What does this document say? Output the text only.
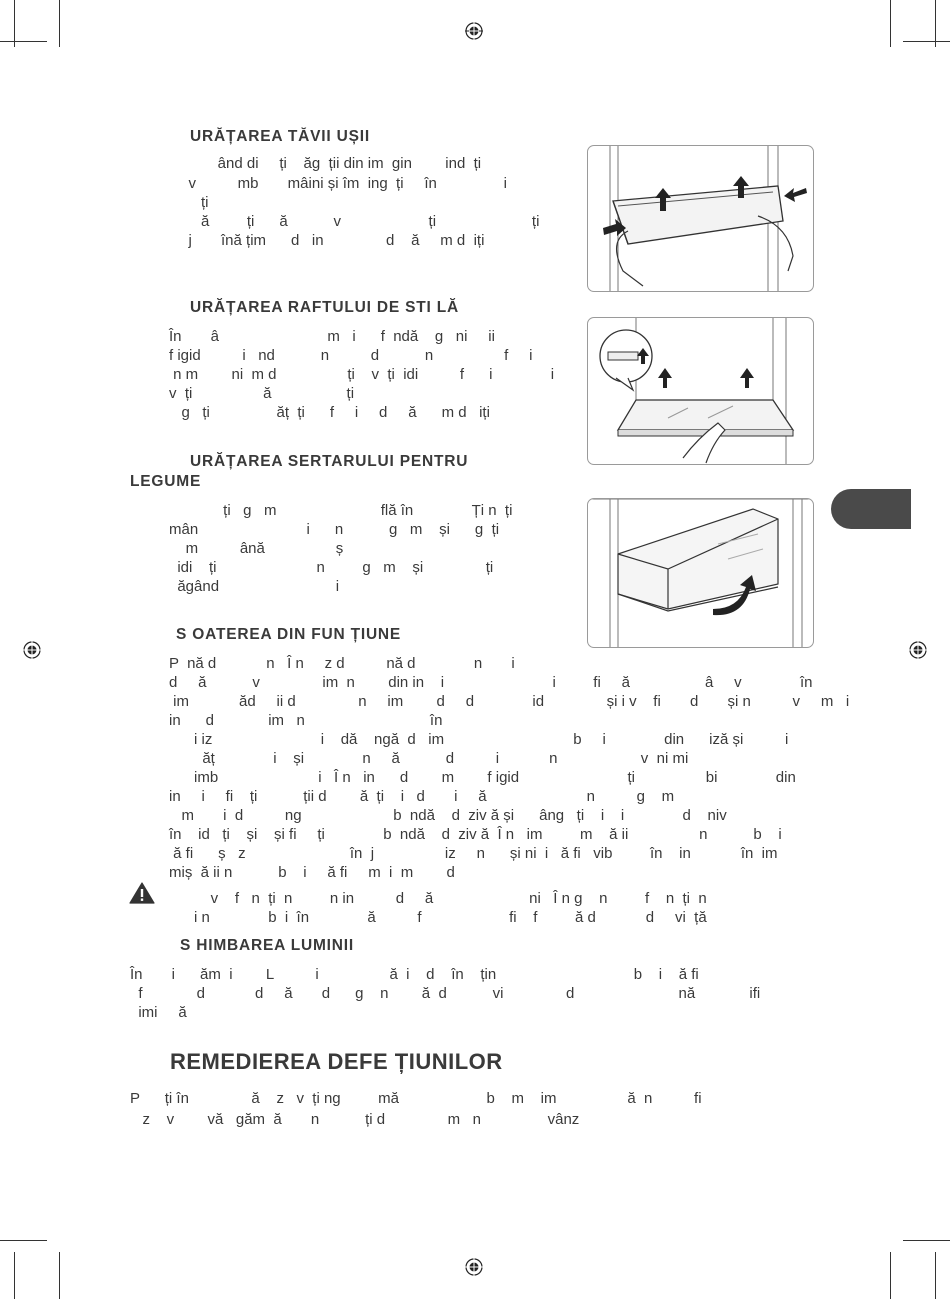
URĂȚAREA TĂVII UȘII
ând di     ți    ăg  ții din im  gin        ind  ți
v          mb       mâini și îm  ing  ți     în                i
ți
ă         ți      ă           v                     ți                       ți
j       înă țim      d   in               d    ă     m d  iți
URĂȚAREA RAFTULUI DE STI LĂ
În       â                          m   i      f  ndă    g   ni     ii
f igid          i   nd           n          d           n                 f     i
n m        ni  m d                 ți    v  ți  idi          f      i              i
v  ți                 ă                  ți
g   ți                ăț  ți      f     i     d     ă      m d   iți
URĂȚAREA SERTARULUI PENTRU
LEGUME
ți   g   m                         flă în              Ți n  ți
mân                          i      n           g   m    și      g  ți
m          ână                 ș
idi    ți                        n         g   m    și               ți
ăgând                            i
S OATEREA DIN FUN ȚIUNE
P  nă d            n   Î n     z d          nă d              n       i
d     ă           v               im  n        din in    i                          i         fi     ă                  â     v              în
im            ăd     ii d               n     im        d     d              id               și i v    fi       d       și n          v     m   i
in      d             im   n                              în
i iz                          i    dă    ngă  d   im                               b     i              din      iză și          i
ăț              i    și              n     ă           d          i            n                    v  ni mi
imb                        i   Î n   in      d        m        f igid                          ți                 bi              din
in     i     fi    ți           ții d        ă  ți    i   d       i     ă                        n          g    m
m       i  d          ng                      b  ndă    d  ziv ă și      âng   ți    i    i              d    niv
în    id   ți    și    și fi     ți              b  ndă    d  ziv ă  Î n   im         m    ă ii                 n           b    i
ă fi      ș   z                         în  j                 iz     n      și ni  i   ă fi   vib         în    in            în  im
miș  ă ii n           b    i     ă fi     m  i  m        d
v    f   n  ți  n         n in          d     ă                       ni   Î n g    n         f    n  ți  n
i n              b  i  în              ă          f                     fi    f         ă d            d     vi  ță
S HIMBAREA LUMINII
În       i      ăm  i        L          i                 ă  i    d    în    țin                                 b    i    ă fi
f             d            d     ă       d      g    n        ă  d           vi               d                         nă             ifi
imi     ă
REMEDIEREA DEFE ȚIUNILOR
P      ți în               ă    z   v  ți ng         mă                     b    m    im                 ă  n          fi
z    v        vă   găm  ă       n           ți d               m   n                vânz
